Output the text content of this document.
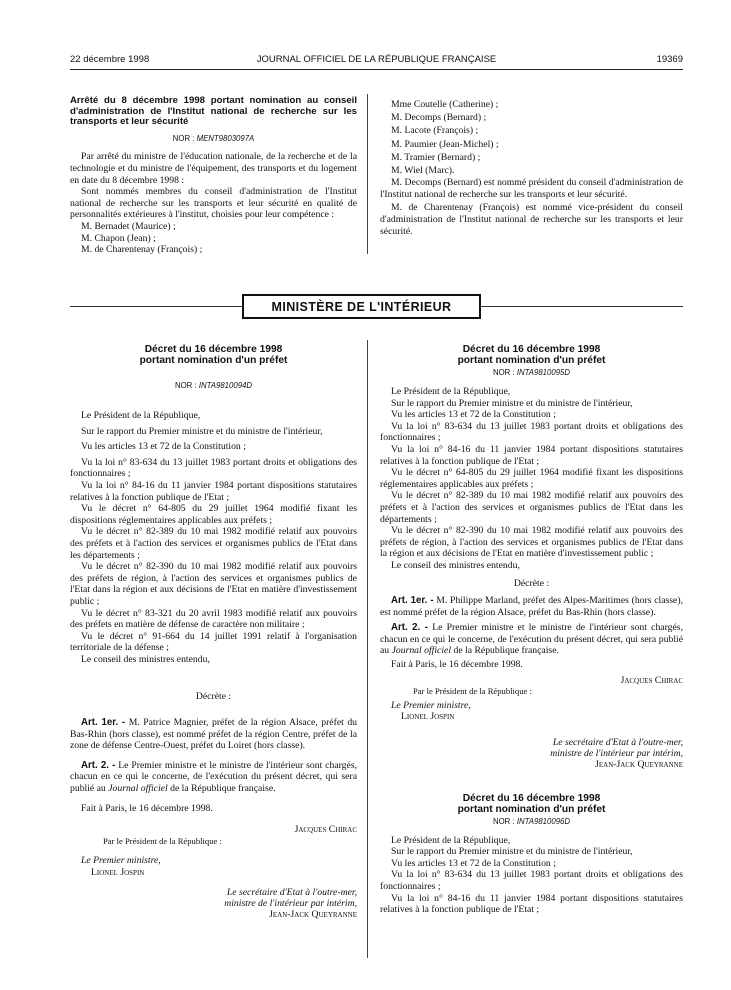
22 décembre 1998	JOURNAL OFFICIEL DE LA RÉPUBLIQUE FRANÇAISE	19369
Arrêté du 8 décembre 1998 portant nomination au conseil d'administration de l'Institut national de recherche sur les transports et leur sécurité
NOR : MENT9803097A

Par arrêté du ministre de l'éducation nationale, de la recherche et de la technologie et du ministre de l'équipement, des transports et du logement en date du 8 décembre 1998 :

Sont nommés membres du conseil d'administration de l'Institut national de recherche sur les transports et leur sécurité en qualité de personnalités extérieures à l'institut, choisies pour leur compétence :

M. Bernadet (Maurice) ;

M. Chapon (Jean) ;

M. de Charentenay (François) ;

Mme Coutelle (Catherine) ;

M. Decomps (Bernard) ;

M. Lacote (François) ;

M. Paumier (Jean-Michel) ;

M. Tramier (Bernard) ;

M. Wiel (Marc).

M. Decomps (Bernard) est nommé président du conseil d'administration de l'Institut national de recherche sur les transports et leur sécurité.

M. de Charentenay (François) est nommé vice-président du conseil d'administration de l'Institut national de recherche sur les transports et leur sécurité.

MINISTÈRE DE L'INTÉRIEUR
Décret du 16 décembre 1998
portant nomination d'un préfet
NOR : INTA9810094D

Le Président de la République,

Sur le rapport du Premier ministre et du ministre de l'intérieur,

Vu les articles 13 et 72 de la Constitution ;

Vu la loi n° 83-634 du 13 juillet 1983 portant droits et obligations des fonctionnaires ;

Vu la loi n° 84-16 du 11 janvier 1984 portant dispositions statutaires relatives à la fonction publique de l'Etat ;

Vu le décret n° 64-805 du 29 juillet 1964 modifié fixant les dispositions réglementaires applicables aux préfets ;

Vu le décret n° 82-389 du 10 mai 1982 modifié relatif aux pouvoirs des préfets et à l'action des services et organismes publics de l'Etat dans les départements ;

Vu le décret n° 82-390 du 10 mai 1982 modifié relatif aux pouvoirs des préfets de région, à l'action des services et organismes publics de l'Etat dans la région et aux décisions de l'Etat en matière d'investissement public ;

Vu le décret n° 83-321 du 20 avril 1983 modifié relatif aux pouvoirs des préfets en matière de défense de caractère non militaire ;

Vu le décret n° 91-664 du 14 juillet 1991 relatif à l'organisation territoriale de la défense ;

Le conseil des ministres entendu,

Décrète :

Art. 1er. - M. Patrice Magnier, préfet de la région Alsace, préfet du Bas-Rhin (hors classe), est nommé préfet de la région Centre, préfet de la zone de défense Centre-Ouest, préfet du Loiret (hors classe).

Art. 2. - Le Premier ministre et le ministre de l'intérieur sont chargés, chacun en ce qui le concerne, de l'exécution du présent décret, qui sera publié au Journal officiel de la République française.

Fait à Paris, le 16 décembre 1998.

Jacques Chirac

Par le Président de la République :

Le Premier ministre,

Lionel Jospin

Le secrétaire d'Etat à l'outre-mer,

ministre de l'intérieur par intérim,

Jean-Jack Queyranne

Décret du 16 décembre 1998
portant nomination d'un préfet
NOR : INTA9810095D

Le Président de la République,

Sur le rapport du Premier ministre et du ministre de l'intérieur,

Vu les articles 13 et 72 de la Constitution ;

Vu la loi n° 83-634 du 13 juillet 1983 portant droits et obligations des fonctionnaires ;

Vu la loi n° 84-16 du 11 janvier 1984 portant dispositions statutaires relatives à la fonction publique de l'Etat ;

Vu le décret n° 64-805 du 29 juillet 1964 modifié fixant les dispositions réglementaires applicables aux préfets ;

Vu le décret n° 82-389 du 10 mai 1982 modifié relatif aux pouvoirs des préfets et à l'action des services et organismes publics de l'Etat dans les départements ;

Vu le décret n° 82-390 du 10 mai 1982 modifié relatif aux pouvoirs des préfets de région, à l'action des services et organismes publics de l'Etat dans la région et aux décisions de l'Etat en matière d'investissement public ;

Le conseil des ministres entendu,

Décrète :

Art. 1er. - M. Philippe Marland, préfet des Alpes-Maritimes (hors classe), est nommé préfet de la région Alsace, préfet du Bas-Rhin (hors classe).

Art. 2. - Le Premier ministre et le ministre de l'intérieur sont chargés, chacun en ce qui le concerne, de l'exécution du présent décret, qui sera publié au Journal officiel de la République française.

Fait à Paris, le 16 décembre 1998.

Jacques Chirac

Par le Président de la République :

Le Premier ministre,

Lionel Jospin

Le secrétaire d'Etat à l'outre-mer,

ministre de l'intérieur par intérim,

Jean-Jack Queyranne

Décret du 16 décembre 1998
portant nomination d'un préfet
NOR : INTA9810096D

Le Président de la République,

Sur le rapport du Premier ministre et du ministre de l'intérieur,

Vu les articles 13 et 72 de la Constitution ;

Vu la loi n° 83-634 du 13 juillet 1983 portant droits et obligations des fonctionnaires ;

Vu la loi n° 84-16 du 11 janvier 1984 portant dispositions statutaires relatives à la fonction publique de l'Etat ;
